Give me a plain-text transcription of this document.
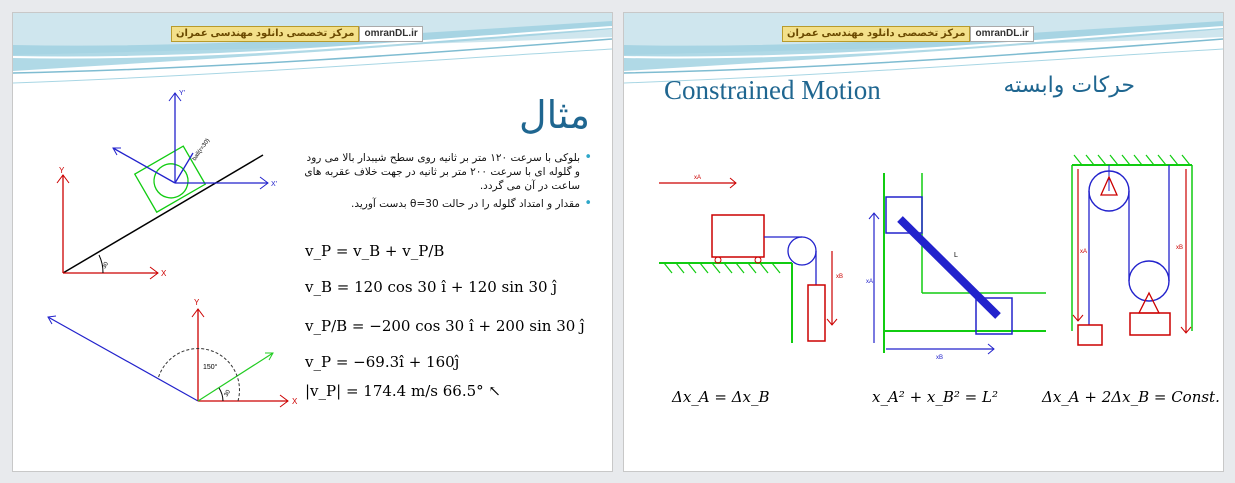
مرکز تخصصی دانلود مهندسی عمران	omranDL.ir
Y
X
30
Y'
X'
ball(r=30)
X
Y
150°
30
مثال
• بلوکی با سرعت ۱۲۰ متر بر ثانیه روی سطح شیبدار بالا می رود و گلوله ای با سرعت ۲۰۰ متر بر ثانیه در جهت خلاف عقربه های ساعت در آن می گردد.
• مقدار و امتداد گلوله را در حالت θ=30 بدست آورید.
v_P = v_B + v_P/B
v_B = 120 cos 30 î + 120 sin 30 ĵ
v_P/B = −200 cos 30 î + 200 sin 30 ĵ
v_P = −69.3î + 160ĵ
|v_P| = 174.4 m/s 66.5° ↖
مرکز تخصصی دانلود مهندسی عمران	omranDL.ir
Constrained Motion	حرکات وابسته
xA
xB
L
xA
xB
xA
xB
Δx_A = Δx_B	x_A² + x_B² = L²	Δx_A + 2Δx_B = Const.
